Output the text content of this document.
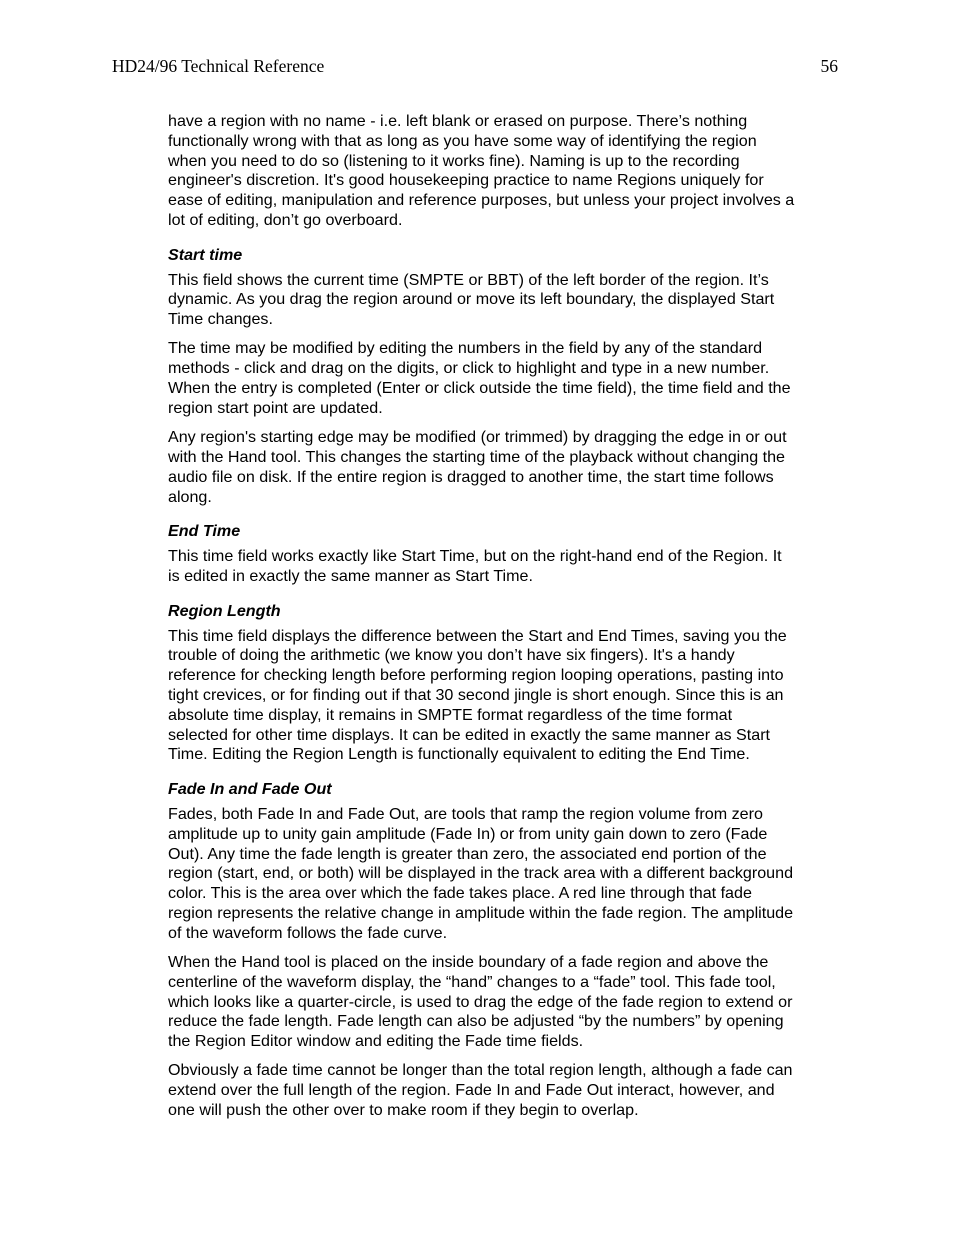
HD24/96 Technical Reference	56

have a region with no name - i.e. left blank or erased on purpose. There’s nothing
functionally wrong with that as long as you have some way of identifying the region
when you need to do so (listening to it works fine). Naming is up to the recording
engineer's discretion. It's good housekeeping practice to name Regions uniquely for
ease of editing, manipulation and reference purposes, but unless your project involves a
lot of editing, don’t go overboard.

Start time

This field shows the current time (SMPTE or BBT) of the left border of the region. It’s
dynamic. As you drag the region around or move its left boundary, the displayed Start
Time changes.

The time may be modified by editing the numbers in the field by any of the standard
methods - click and drag on the digits, or click to highlight and type in a new number.
When the entry is completed (Enter or click outside the time field), the time field and the
region start point are updated.

Any region's starting edge may be modified (or trimmed) by dragging the edge in or out
with the Hand tool. This changes the starting time of the playback without changing the
audio file on disk. If the entire region is dragged to another time, the start time follows
along.

End Time

This time field works exactly like Start Time, but on the right-hand end of the Region. It
is edited in exactly the same manner as Start Time.

Region Length

This time field displays the difference between the Start and End Times, saving you the
trouble of doing the arithmetic (we know you don’t have six fingers). It's a handy
reference for checking length before performing region looping operations, pasting into
tight crevices, or for finding out if that 30 second jingle is short enough. Since this is an
absolute time display, it remains in SMPTE format regardless of the time format
selected for other time displays. It can be edited in exactly the same manner as Start
Time. Editing the Region Length is functionally equivalent to editing the End Time.

Fade In and Fade Out

Fades, both Fade In and Fade Out, are tools that ramp the region volume from zero
amplitude up to unity gain amplitude (Fade In) or from unity gain down to zero (Fade
Out). Any time the fade length is greater than zero, the associated end portion of the
region (start, end, or both) will be displayed in the track area with a different background
color. This is the area over which the fade takes place. A red line through that fade
region represents the relative change in amplitude within the fade region. The amplitude
of the waveform follows the fade curve.

When the Hand tool is placed on the inside boundary of a fade region and above the
centerline of the waveform display, the “hand” changes to a “fade” tool. This fade tool,
which looks like a quarter-circle, is used to drag the edge of the fade region to extend or
reduce the fade length. Fade length can also be adjusted “by the numbers” by opening
the Region Editor window and editing the Fade time fields.

Obviously a fade time cannot be longer than the total region length, although a fade can
extend over the full length of the region. Fade In and Fade Out interact, however, and
one will push the other over to make room if they begin to overlap.
